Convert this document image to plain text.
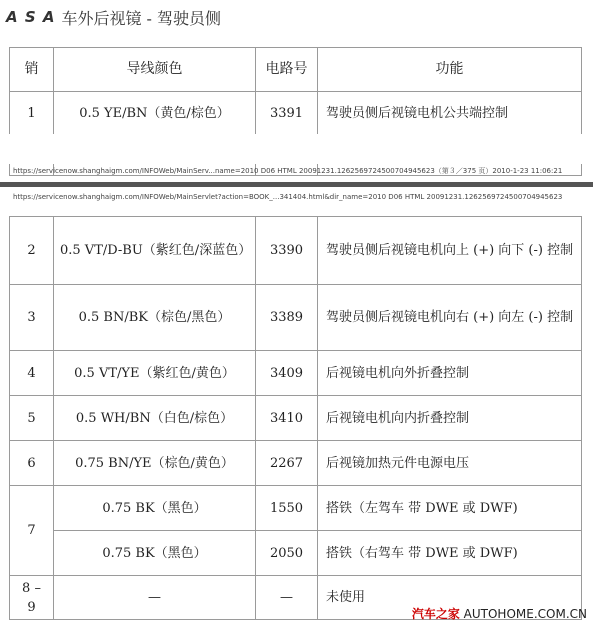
A S A 车外后视镜 - 驾驶员侧
销	导线颜色	电路号	功能
1	0.5 YE/BN（黄色/棕色）	3391	驾驶员侧后视镜电机公共端控制

https://servicenow.shanghaigm.com/INFOWeb/MainServ...name=2010 D06 HTML 20091231.1262569724500704945623（第３／375 页）2010-1-23 11:06:21
https://servicenow.shanghaigm.com/INFOWeb/MainServlet?action=BOOK_...341404.html&dir_name=2010 D06 HTML 20091231.1262569724500704945623
2	0.5 VT/D-BU（紫红色/深蓝色）	3390	驾驶员侧后视镜电机向上 (+) 向下 (-) 控制
3	0.5 BN/BK（棕色/黑色）	3389	驾驶员侧后视镜电机向右 (+) 向左 (-) 控制
4	0.5 VT/YE（紫红色/黄色）	3409	后视镜电机向外折叠控制
5	0.5 WH/BN（白色/棕色）	3410	后视镜电机向内折叠控制
6	0.75 BN/YE（棕色/黄色）	2267	后视镜加热元件电源电压
7	0.75 BK（黑色）	1550	搭铁（左驾车 带 DWE 或 DWF)
	0.75 BK（黑色）	2050	搭铁（右驾车 带 DWE 或 DWF)
8 – 9	—	—	未使用
汽车之家 AUTOHOME.COM.CN
